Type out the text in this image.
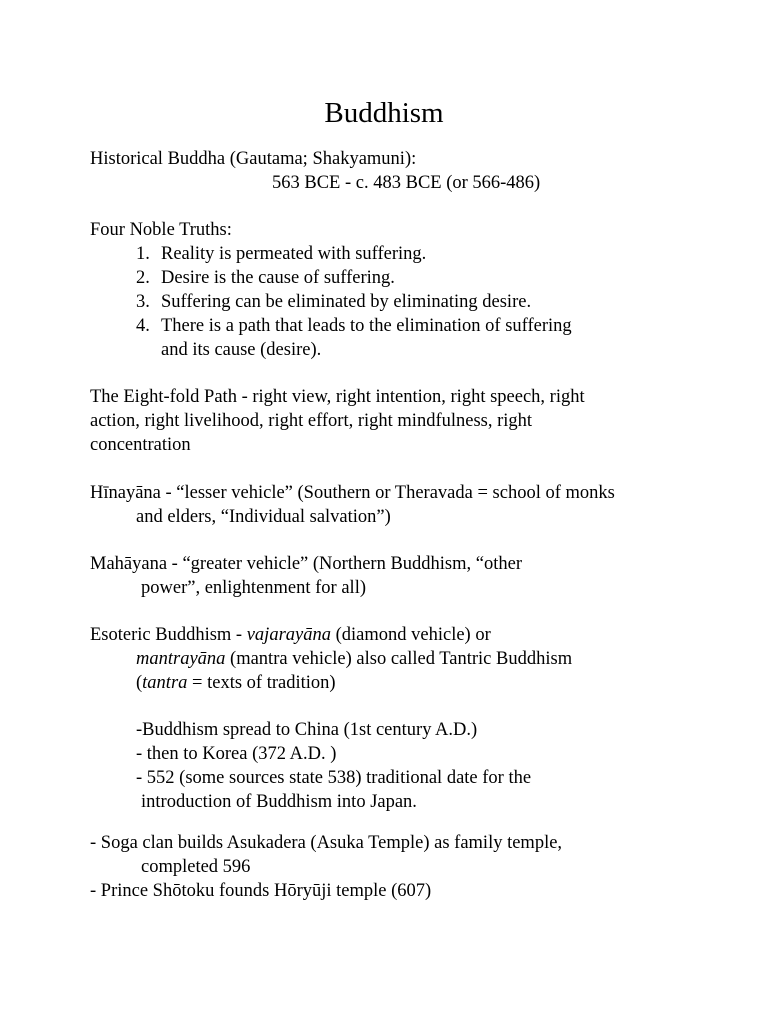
Buddhism

Historical Buddha (Gautama; Shakyamuni):

563 BCE - c. 483 BCE (or 566-486)

Four Noble Truths:

1. Reality is permeated with suffering.

2. Desire is the cause of suffering.

3. Suffering can be eliminated by eliminating desire.

4. There is a path that leads to the elimination of suffering

and its cause (desire).

The Eight-fold Path - right view, right intention, right speech, right

action, right livelihood, right effort, right mindfulness, right

concentration

Hīnayāna - “lesser vehicle” (Southern or Theravada = school of monks

and elders, “Individual salvation”)

Mahāyana - “greater vehicle” (Northern Buddhism, “other

power”, enlightenment for all)

Esoteric Buddhism - vajarayāna (diamond vehicle) or

mantrayāna (mantra vehicle) also called Tantric Buddhism

(tantra = texts of tradition)

-Buddhism spread to China (1st century A.D.)

- then to Korea (372 A.D. )

- 552 (some sources state 538) traditional date for the

introduction of Buddhism into Japan.

- Soga clan builds Asukadera (Asuka Temple) as family temple,

completed 596

- Prince Shōtoku founds Hōryūji temple (607)
